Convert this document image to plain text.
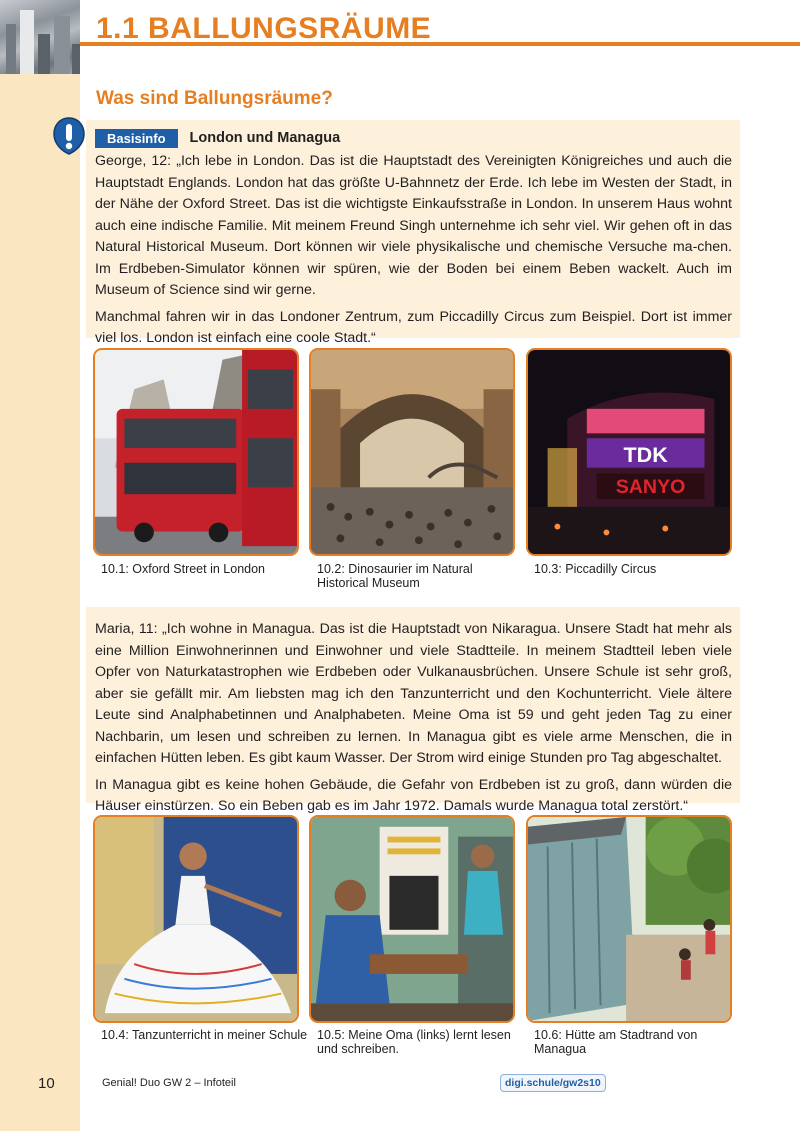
1.1 BALLUNGSRÄUME
Was sind Ballungsräume?
Basisinfo	London und Managua

George, 12: „Ich lebe in London. Das ist die Hauptstadt des Vereinigten Königreiches und auch die Hauptstadt Englands. London hat das größte U-Bahnnetz der Erde. Ich lebe im Westen der Stadt, in der Nähe der Oxford Street. Das ist die wichtigste Einkaufsstraße in London. In unserem Haus wohnt auch eine indische Familie. Mit meinem Freund Singh unternehme ich sehr viel. Wir gehen oft in das Natural Historical Museum. Dort können wir viele physikalische und chemische Versuche ma-chen. Im Erdbeben-Simulator können wir spüren, wie der Boden bei einem Beben wackelt. Auch im Museum of Science sind wir gerne.

Manchmal fahren wir in das Londoner Zentrum, zum Piccadilly Circus zum Beispiel. Dort ist immer viel los. London ist einfach eine coole Stadt.“

TDK
SANYO

10.1: Oxford Street in London	10.2: Dinosaurier im Natural Historical Museum

10.3: Piccadilly Circus

Maria, 11: „Ich wohne in Managua. Das ist die Hauptstadt von Nikaragua. Unsere Stadt hat mehr als eine Million Einwohnerinnen und Einwohner und viele Stadtteile. In meinem Stadtteil leben viele Opfer von Naturkatastrophen wie Erdbeben oder Vulkanausbrüchen. Unsere Schule ist sehr groß, aber sie gefällt mir. Am liebsten mag ich den Tanzunterricht und den Kochunterricht. Viele ältere Leute sind Analphabetinnen und Analphabeten. Meine Oma ist 59 und geht jeden Tag zu einer Nachbarin, um lesen und schreiben zu lernen. In Managua gibt es viele arme Menschen, die in einfachen Hütten leben. Es gibt kaum Wasser. Der Strom wird einige Stunden pro Tag abgeschaltet.

In Managua gibt es keine hohen Gebäude, die Gefahr von Erdbeben ist zu groß, dann würden die Häuser einstürzen. So ein Beben gab es im Jahr 1972. Damals wurde Managua total zerstört.“

10.4: Tanzunterricht in meiner Schule 10.5: Meine Oma (links) lernt lesen und schreiben.

10.6: Hütte am Stadtrand von Managua

10	Genial! Duo GW 2 – Infoteil	digi.schule/gw2s10
